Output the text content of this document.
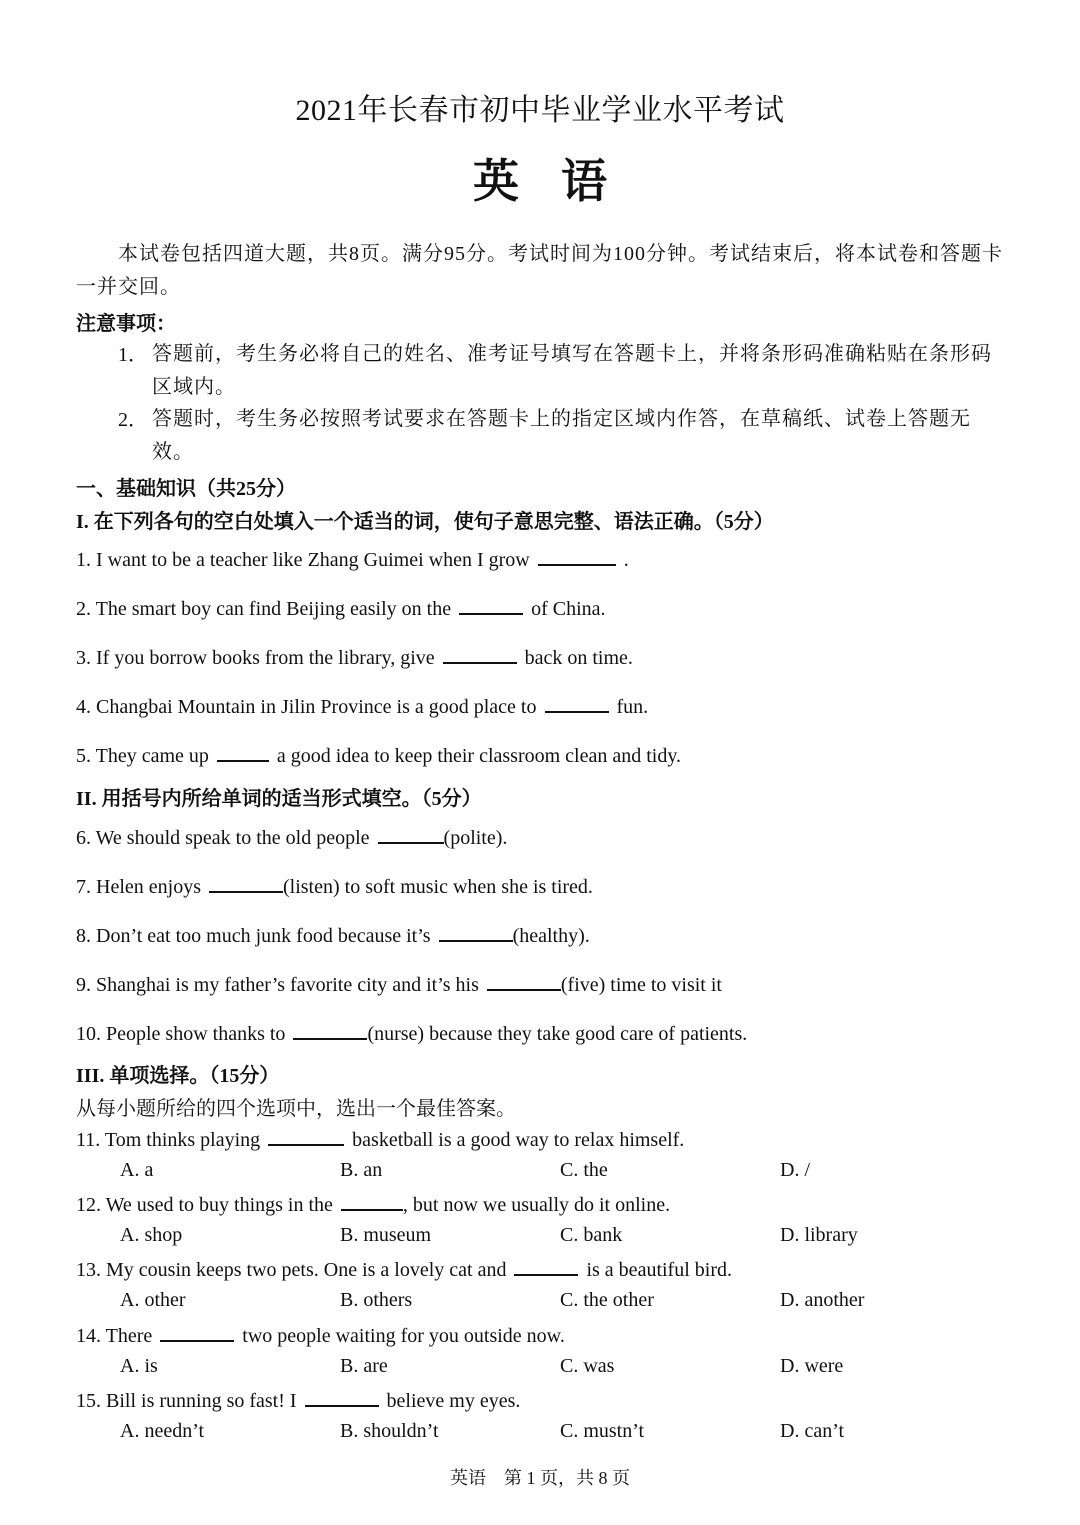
2021年长春市初中毕业学业水平考试
英语
本试卷包括四道大题，共8页。满分95分。考试时间为100分钟。考试结束后，将本试卷和答题卡一并交回。
注意事项：
1． 答题前，考生务必将自己的姓名、准考证号填写在答题卡上，并将条形码准确粘贴在条形码区域内。
2． 答题时，考生务必按照考试要求在答题卡上的指定区域内作答，在草稿纸、试卷上答题无效。
一、基础知识（共25分）
I. 在下列各句的空白处填入一个适当的词，使句子意思完整、语法正确。（5分）
1. I want to be a teacher like Zhang Guimei when I grow	.
2. The smart boy can find Beijing easily on the	of China.
3. If you borrow books from the library, give	back on time.
4. Changbai Mountain in Jilin Province is a good place to	fun.
5. They came up	a good idea to keep their classroom clean and tidy.
II. 用括号内所给单词的适当形式填空。（5分）
6. We should speak to the old people	(polite).
7. Helen enjoys	(listen) to soft music when she is tired.
8. Don’t eat too much junk food because it’s	(healthy).
9. Shanghai is my father’s favorite city and it’s his	(five) time to visit it
10. People show thanks to	(nurse) because they take good care of patients.
III. 单项选择。（15分）
从每小题所给的四个选项中，选出一个最佳答案。
11. Tom thinks playing	basketball is a good way to relax himself.
A. a	B. an	C. the	D. /
12. We used to buy things in the	, but now we usually do it online.
A. shop	B. museum	C. bank	D. library
13. My cousin keeps two pets. One is a lovely cat and	is a beautiful bird.
A. other	B. others	C. the other	D. another
14. There	two people waiting for you outside now.
A. is	B. are	C. was	D. were
15. Bill is running so fast! I	believe my eyes.
A. needn’t	B. shouldn’t	C. mustn’t	D. can’t
英语　第 1 页，共 8 页
